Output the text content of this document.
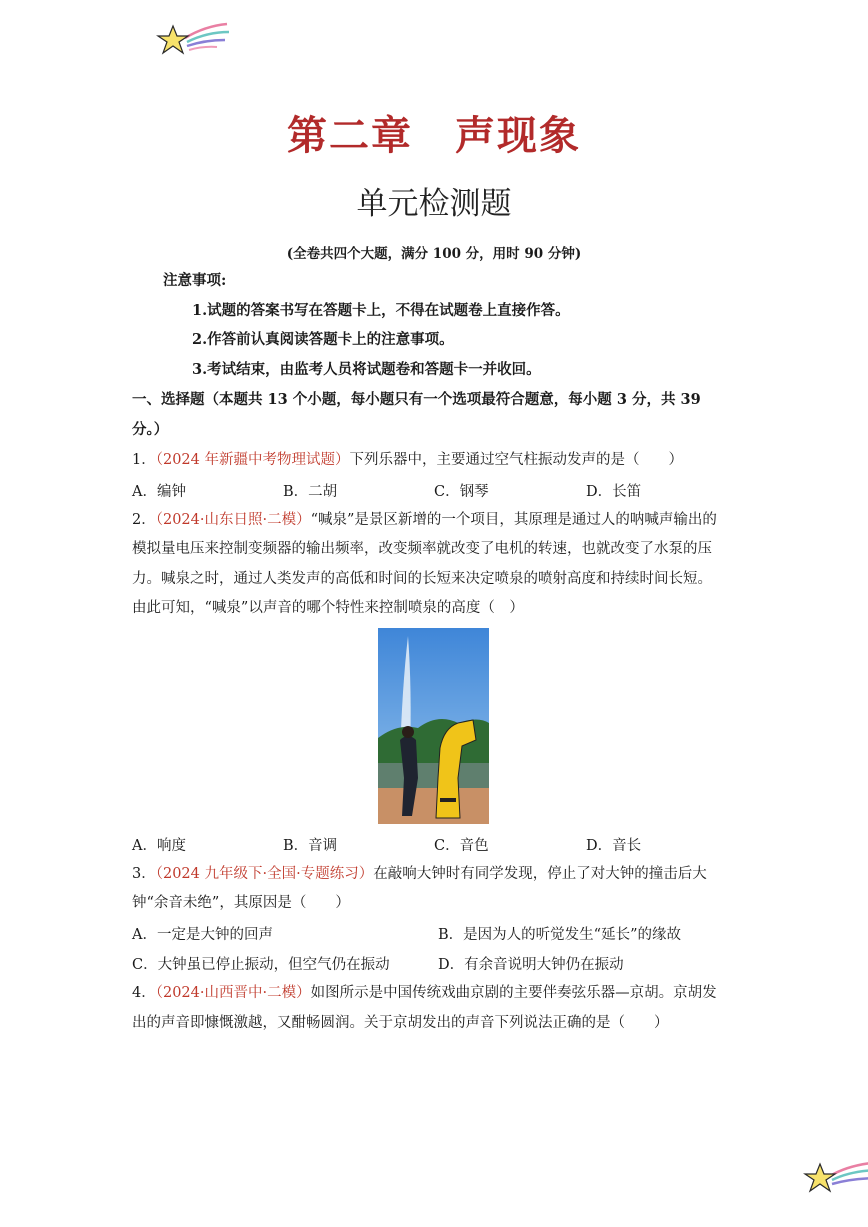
第二章　声现象
单元检测题
(全卷共四个大题，满分 100 分，用时 90 分钟)
注意事项:
1.试题的答案书写在答题卡上，不得在试题卷上直接作答。
2.作答前认真阅读答题卡上的注意事项。
3.考试结束，由监考人员将试题卷和答题卡一并收回。
一、选择题（本题共 13 个小题，每小题只有一个选项最符合题意，每小题 3 分，共 39
分。）
1．（2024 年新疆中考物理试题）下列乐器中，主要通过空气柱振动发声的是（　　）
A．编钟	B．二胡	C．钢琴	D．长笛
2．（2024·山东日照·二模）“喊泉”是景区新增的一个项目，其原理是通过人的呐喊声输出的
模拟量电压来控制变频器的输出频率，改变频率就改变了电机的转速，也就改变了水泵的压
力。喊泉之时，通过人类发声的高低和时间的长短来决定喷泉的喷射高度和持续时间长短。
由此可知，“喊泉”以声音的哪个特性来控制喷泉的高度（　）
A．响度	B．音调	C．音色	D．音长
3．（2024 九年级下·全国·专题练习）在敲响大钟时有同学发现，停止了对大钟的撞击后大
钟“余音未绝”，其原因是（　　）
A．一定是大钟的回声	B．是因为人的听觉发生“延长”的缘故
C．大钟虽已停止振动，但空气仍在振动	D．有余音说明大钟仍在振动
4．（2024·山西晋中·二模）如图所示是中国传统戏曲京剧的主要伴奏弦乐器—京胡。京胡发
出的声音即慷慨激越，又酣畅圆润。关于京胡发出的声音下列说法正确的是（　　）
